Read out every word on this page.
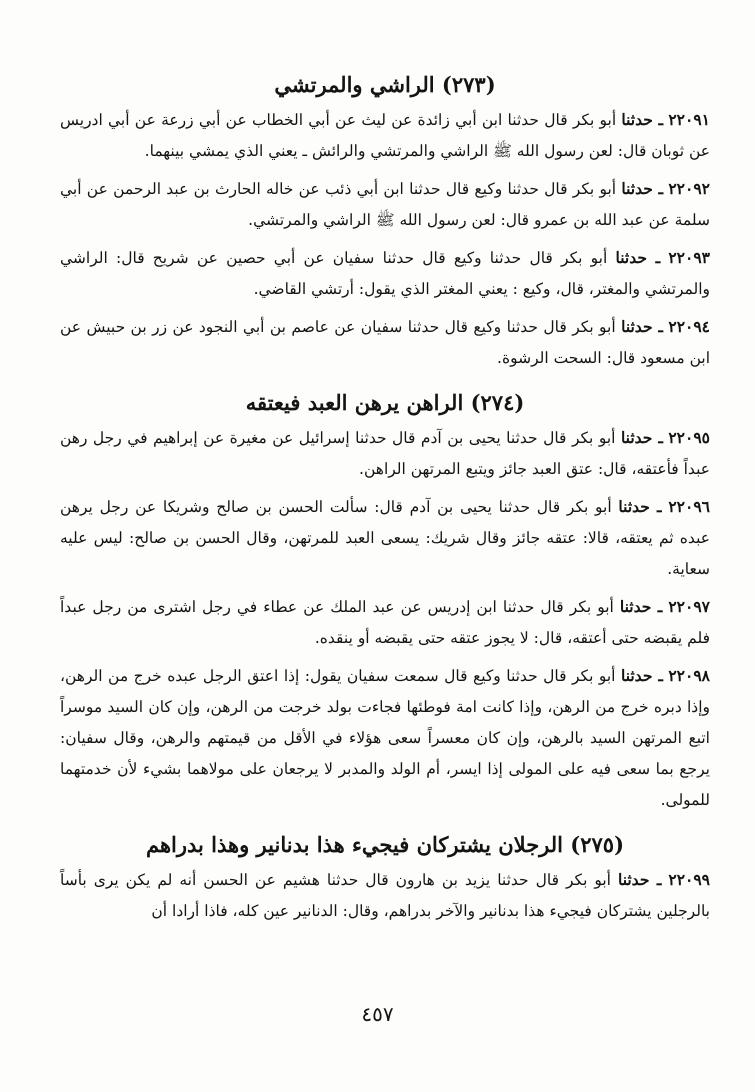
(٢٧٣) الراشي والمرتشي

٢٢٠٩١ ـ حدثنا أبو بكر قال حدثنا ابن أبي زائدة عن ليث عن أبي الخطاب عن أبي زرعة عن أبي ادريس عن ثوبان قال: لعن رسول الله ﷺ الراشي والمرتشي والرائش ـ يعني الذي يمشي بينهما.

٢٢٠٩٢ ـ حدثنا أبو بكر قال حدثنا وكيع قال حدثنا ابن أبي ذئب عن خاله الحارث بن عبد الرحمن عن أبي سلمة عن عبد الله بن عمرو قال: لعن رسول الله ﷺ الراشي والمرتشي.

٢٢٠٩٣ ـ حدثنا أبو بكر قال حدثنا وكيع قال حدثنا سفيان عن أبي حصين عن شريح قال: الراشي والمرتشي والمغتر، قال، وكيع : يعني المغتر الذي يقول: أرتشي القاضي.

٢٢٠٩٤ ـ حدثنا أبو بكر قال حدثنا وكيع قال حدثنا سفيان عن عاصم بن أبي النجود عن زر بن حبيش عن ابن مسعود قال: السحت الرشوة.

(٢٧٤) الراهن يرهن العبد فيعتقه

٢٢٠٩٥ ـ حدثنا أبو بكر قال حدثنا يحيى بن آدم قال حدثنا إسرائيل عن مغيرة عن إبراهيم في رجل رهن عبداً فأعتقه، قال: عتق العبد جائز ويتبع المرتهن الراهن.

٢٢٠٩٦ ـ حدثنا أبو بكر قال حدثنا يحيى بن آدم قال: سألت الحسن بن صالح وشريكا عن رجل يرهن عبده ثم يعتقه، قالا: عتقه جائز وقال شريك: يسعى العبد للمرتهن، وقال الحسن بن صالح: ليس عليه سعاية.

٢٢٠٩٧ ـ حدثنا أبو بكر قال حدثنا ابن إدريس عن عبد الملك عن عطاء في رجل اشترى من رجل عبداً فلم يقبضه حتى أعتقه، قال: لا يجوز عتقه حتى يقبضه أو ينقده.

٢٢٠٩٨ ـ حدثنا أبو بكر قال حدثنا وكيع قال سمعت سفيان يقول: إذا اعتق الرجل عبده خرج من الرهن، وإذا دبره خرج من الرهن، وإذا كانت امة فوطئها فجاءت بولد خرجت من الرهن، وإن كان السيد موسراً اتبع المرتهن السيد بالرهن، وإن كان معسراً سعى هؤلاء في الأقل من قيمتهم والرهن، وقال سفيان: يرجع بما سعى فيه على المولى إذا ايسر، أم الولد والمدبر لا يرجعان على مولاهما بشيء لأن خدمتهما للمولى.

(٢٧٥) الرجلان يشتركان فيجيء هذا بدنانير وهذا بدراهم

٢٢٠٩٩ ـ حدثنا أبو بكر قال حدثنا يزيد بن هارون قال حدثنا هشيم عن الحسن أنه لم يكن يرى بأساً بالرجلين يشتركان فيجيء هذا بدنانير والآخر بدراهم، وقال: الدنانير عين كله، فاذا أرادا أن

٤٥٧
